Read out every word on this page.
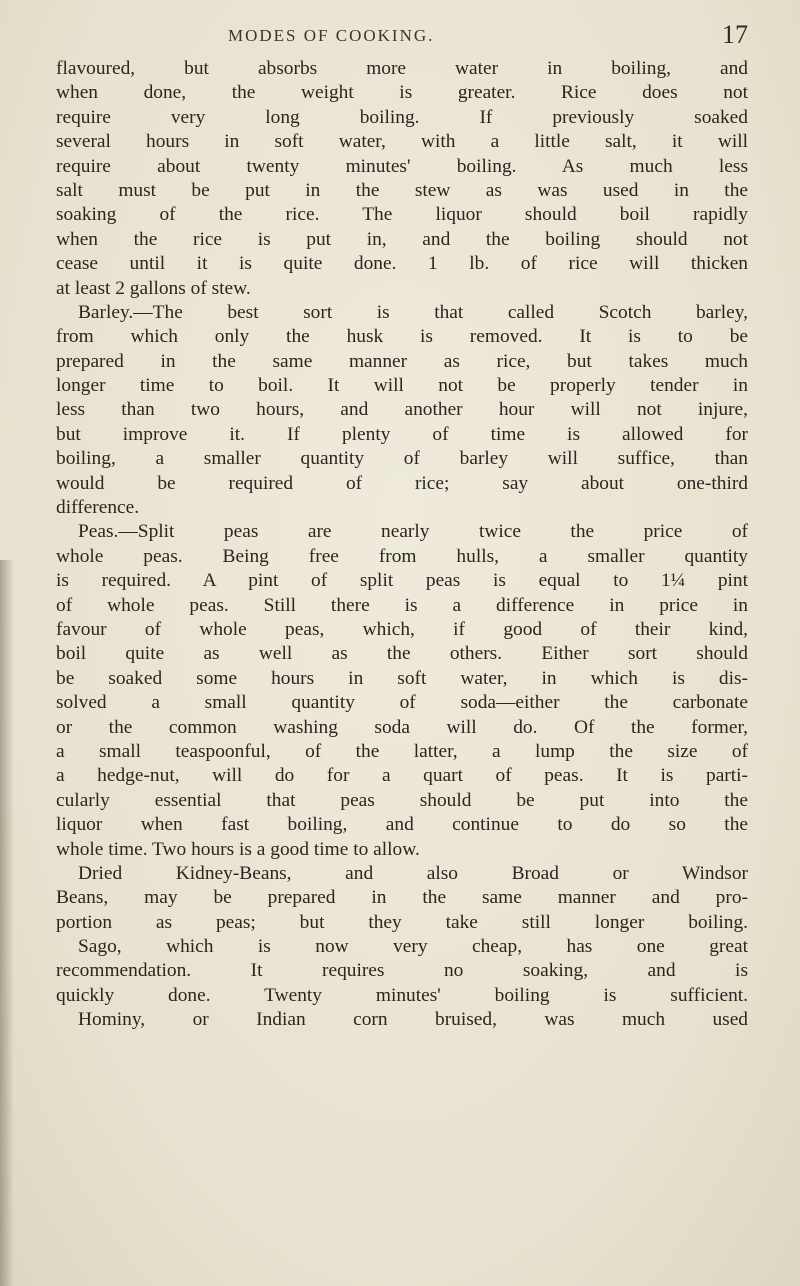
MODES OF COOKING.	17
flavoured, but absorbs more water in boiling, and
when done, the weight is greater. Rice does not
require very long boiling. If previously soaked
several hours in soft water, with a little salt, it will
require about twenty minutes' boiling. As much less
salt must be put in the stew as was used in the
soaking of the rice. The liquor should boil rapidly
when the rice is put in, and the boiling should not
cease until it is quite done. 1 lb. of rice will thicken
at least 2 gallons of stew.
Barley.—The best sort is that called Scotch barley,
from which only the husk is removed. It is to be
prepared in the same manner as rice, but takes much
longer time to boil. It will not be properly tender in
less than two hours, and another hour will not injure,
but improve it. If plenty of time is allowed for
boiling, a smaller quantity of barley will suffice, than
would be required of rice; say about one-third
difference.
Peas.—Split peas are nearly twice the price of
whole peas. Being free from hulls, a smaller quantity
is required. A pint of split peas is equal to 1¼ pint
of whole peas. Still there is a difference in price in
favour of whole peas, which, if good of their kind,
boil quite as well as the others. Either sort should
be soaked some hours in soft water, in which is dis-
solved a small quantity of soda—either the carbonate
or the common washing soda will do. Of the former,
a small teaspoonful, of the latter, a lump the size of
a hedge-nut, will do for a quart of peas. It is parti-
cularly essential that peas should be put into the
liquor when fast boiling, and continue to do so the
whole time. Two hours is a good time to allow.
Dried Kidney-Beans, and also Broad or Windsor
Beans, may be prepared in the same manner and pro-
portion as peas; but they take still longer boiling.
Sago, which is now very cheap, has one great
recommendation. It requires no soaking, and is
quickly done. Twenty minutes' boiling is sufficient.
Hominy, or Indian corn bruised, was much used
